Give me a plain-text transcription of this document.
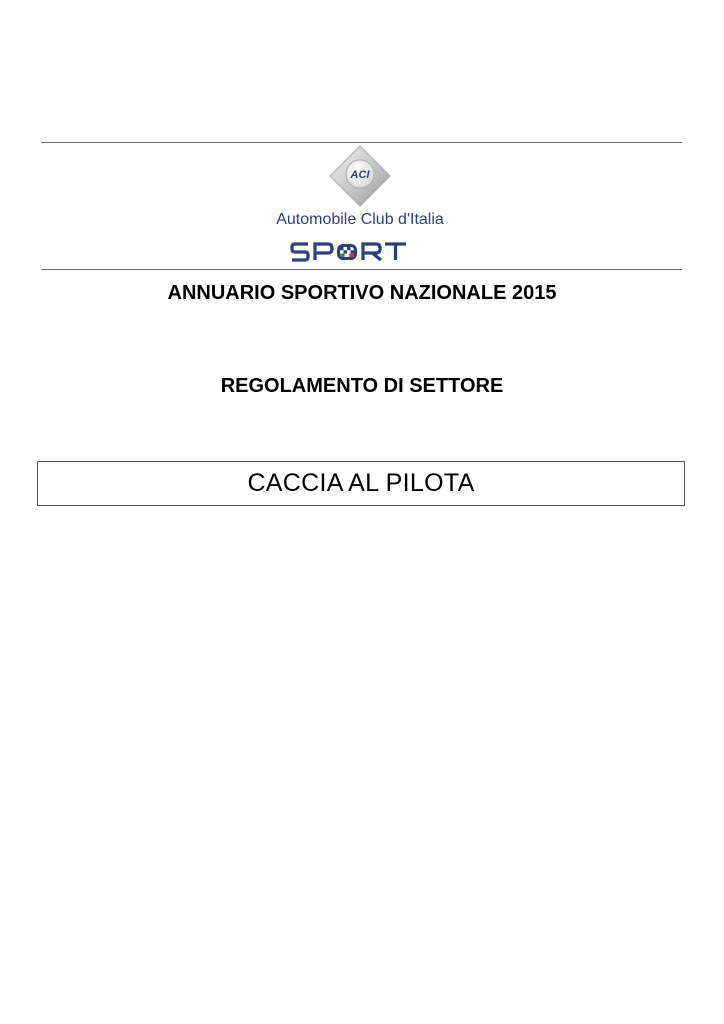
ACI
SPORT
Automobile Club d'Italia
ANNUARIO SPORTIVO NAZIONALE 2015
REGOLAMENTO DI SETTORE
CACCIA AL PILOTA
